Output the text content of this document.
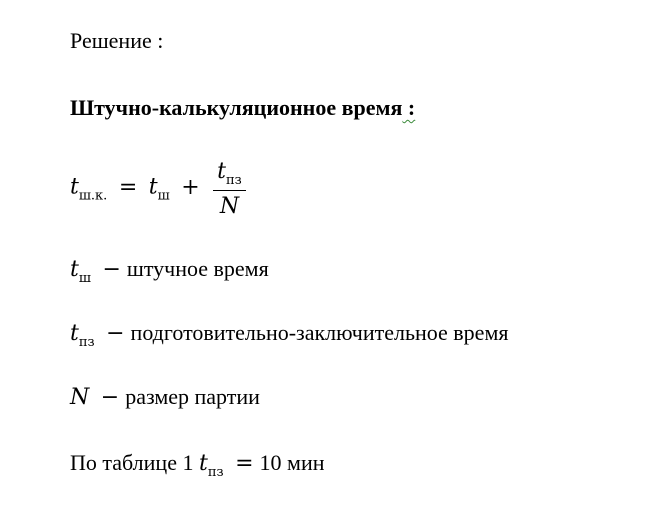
Решение :
Штучно-калькуляционное время :
$t_{ш.к.} = t_ш + \frac{t_{пз}}{N}$
$t_ш$ − штучное время
$t_{пз}$ − подготовительно-заключительное время
N − размер партии
По таблице 1 $t_{пз} = 10$ мин
